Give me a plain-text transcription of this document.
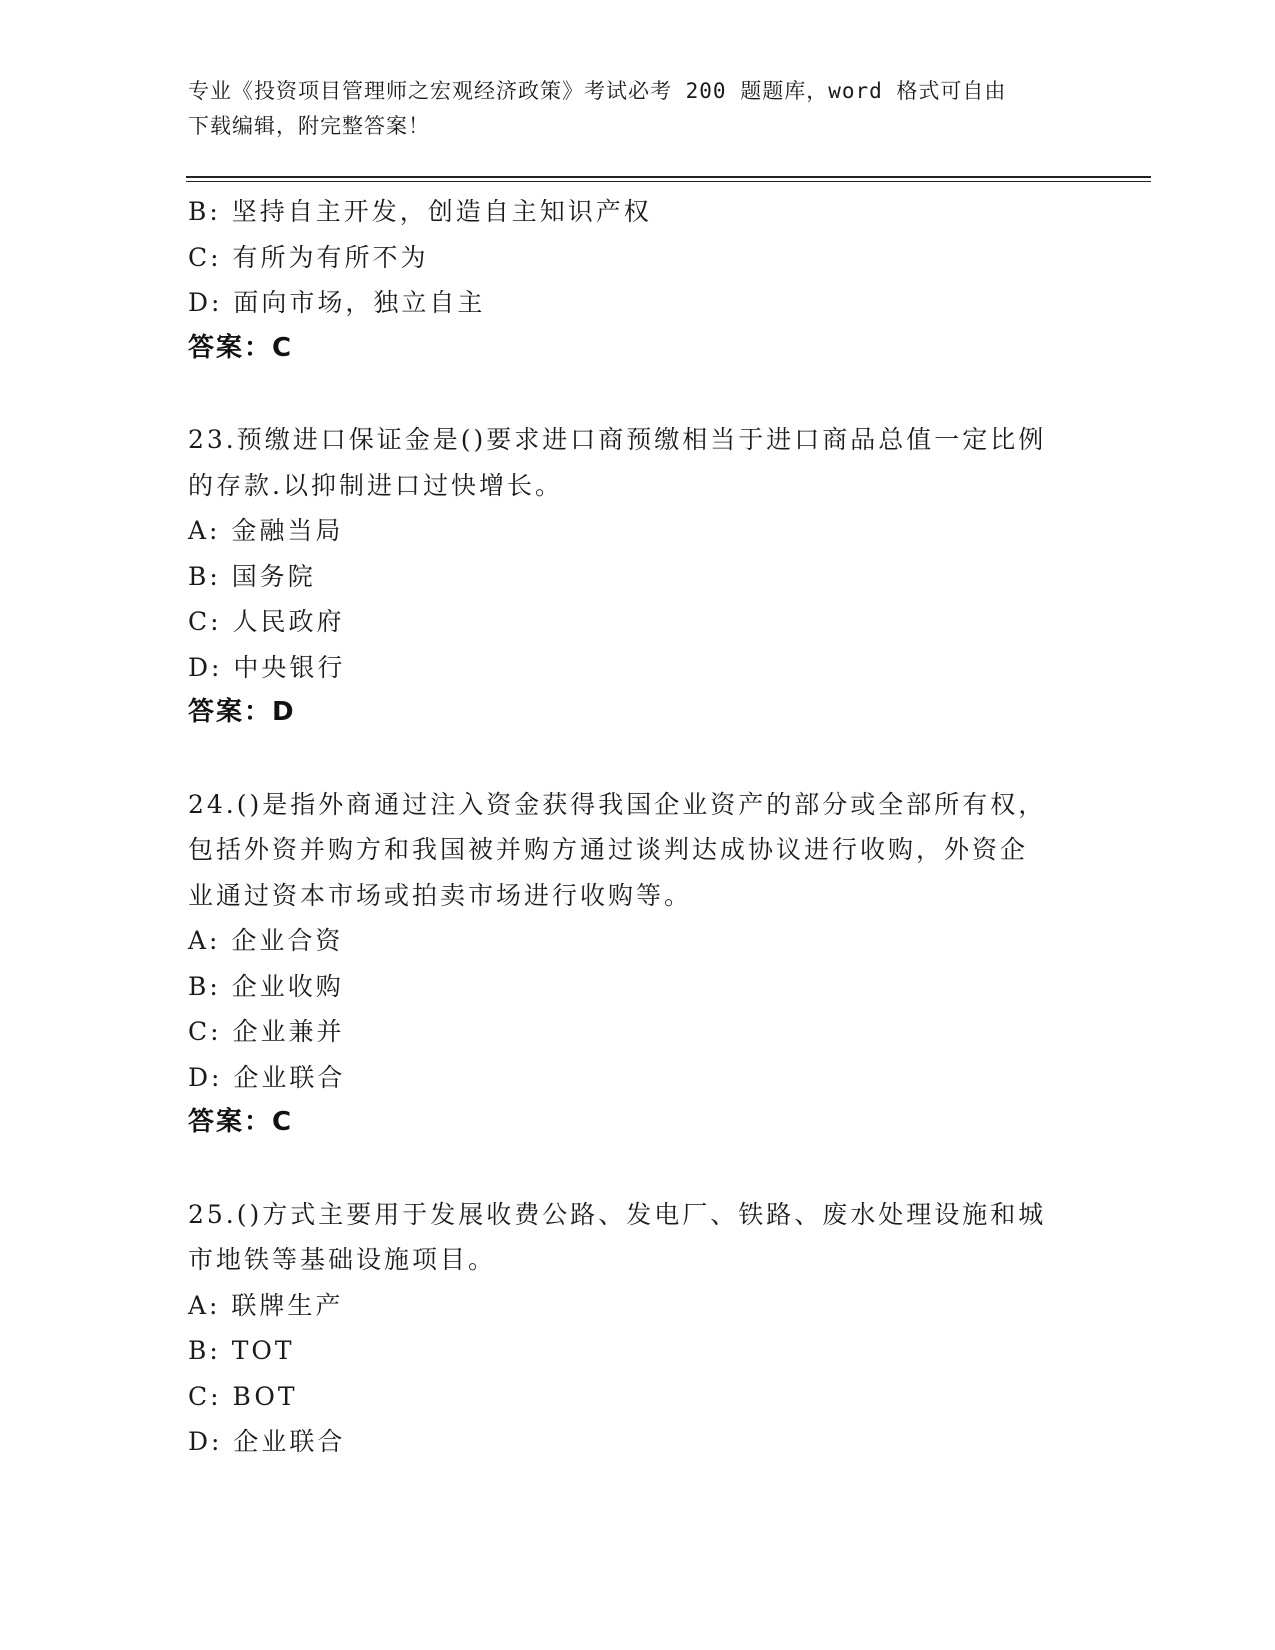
专业《投资项目管理师之宏观经济政策》考试必考 200 题题库，word 格式可自由
下载编辑，附完整答案！
B: 坚持自主开发，创造自主知识产权
C: 有所为有所不为
D: 面向市场，独立自主
答案：C
23.预缴进口保证金是()要求进口商预缴相当于进口商品总值一定比例
的存款.以抑制进口过快增长。
A: 金融当局
B: 国务院
C: 人民政府
D: 中央银行
答案：D
24.()是指外商通过注入资金获得我国企业资产的部分或全部所有权，
包括外资并购方和我国被并购方通过谈判达成协议进行收购，外资企
业通过资本市场或拍卖市场进行收购等。
A: 企业合资
B: 企业收购
C: 企业兼并
D: 企业联合
答案：C
25.()方式主要用于发展收费公路、发电厂、铁路、废水处理设施和城
市地铁等基础设施项目。
A: 联牌生产
B: TOT
C: BOT
D: 企业联合
